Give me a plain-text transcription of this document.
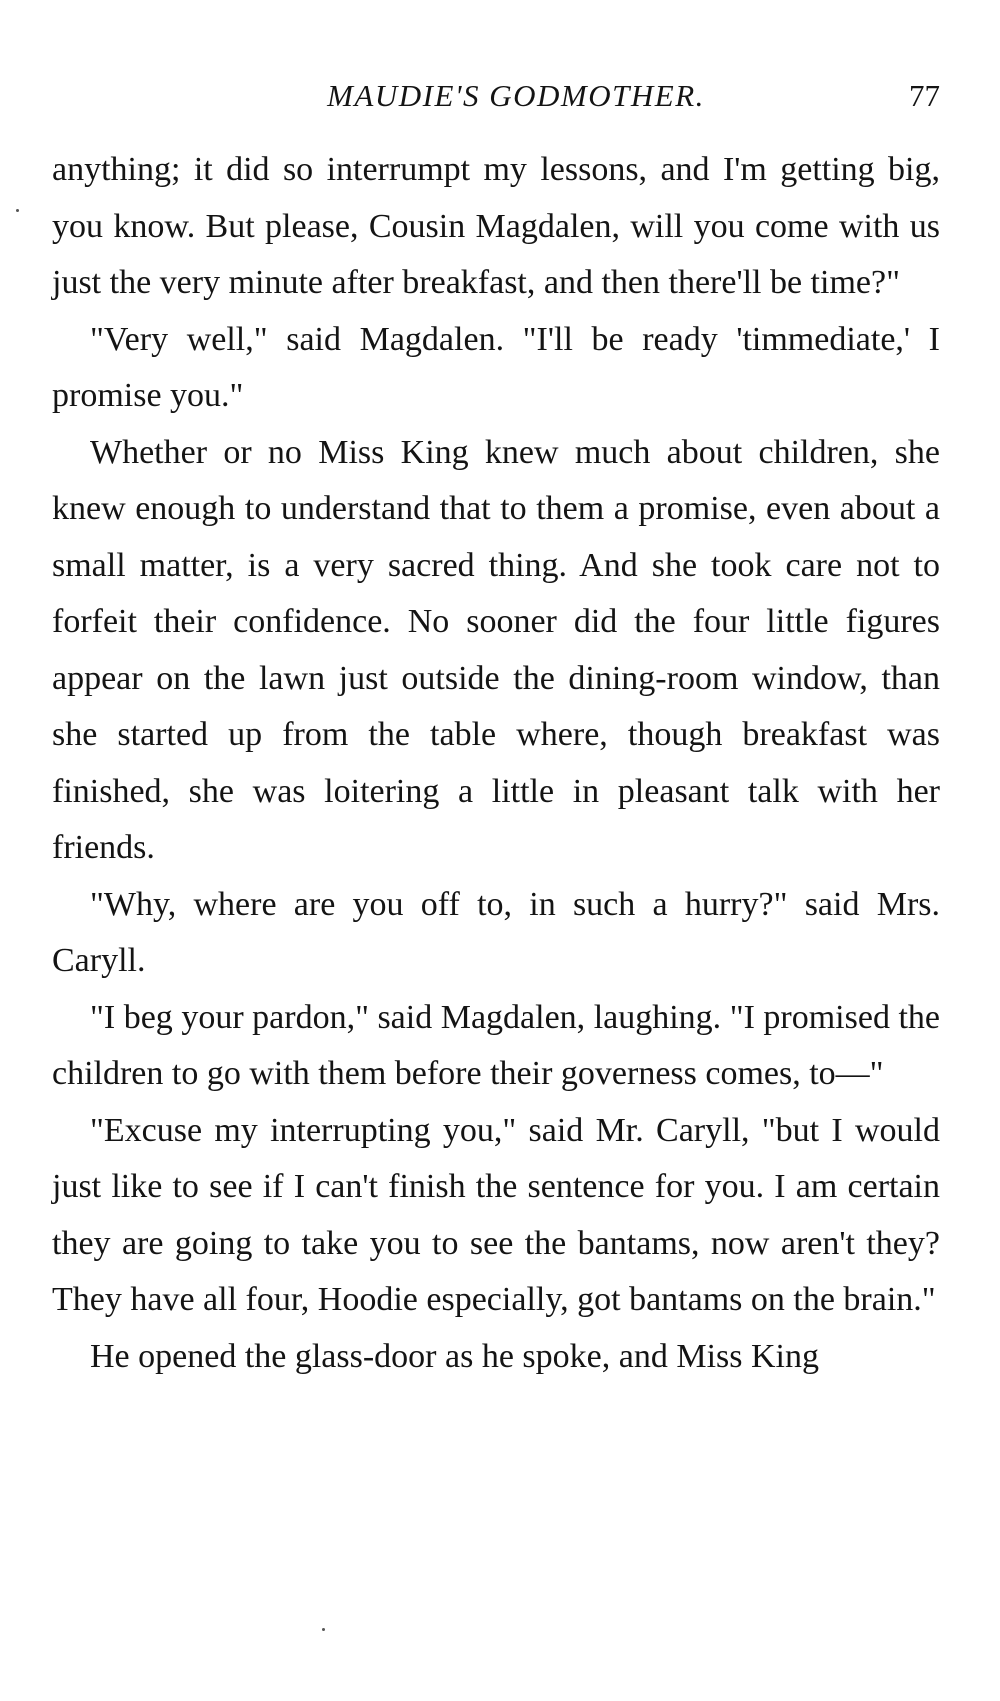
MAUDIE'S GODMOTHER.	77

anything; it did so interrumpt my lessons, and I'm getting big, you know. But please, Cousin Magdalen, will you come with us just the very minute after breakfast, and then there'll be time?"

"Very well," said Magdalen. "I'll be ready 'timmediate,' I promise you."

Whether or no Miss King knew much about children, she knew enough to understand that to them a promise, even about a small matter, is a very sacred thing. And she took care not to forfeit their confidence. No sooner did the four little figures appear on the lawn just outside the dining-room window, than she started up from the table where, though breakfast was finished, she was loitering a little in pleasant talk with her friends.

"Why, where are you off to, in such a hurry?" said Mrs. Caryll.

"I beg your pardon," said Magdalen, laughing. "I promised the children to go with them before their governess comes, to—"

"Excuse my interrupting you," said Mr. Caryll, "but I would just like to see if I can't finish the sentence for you. I am certain they are going to take you to see the bantams, now aren't they? They have all four, Hoodie especially, got bantams on the brain."

He opened the glass-door as he spoke, and Miss King
